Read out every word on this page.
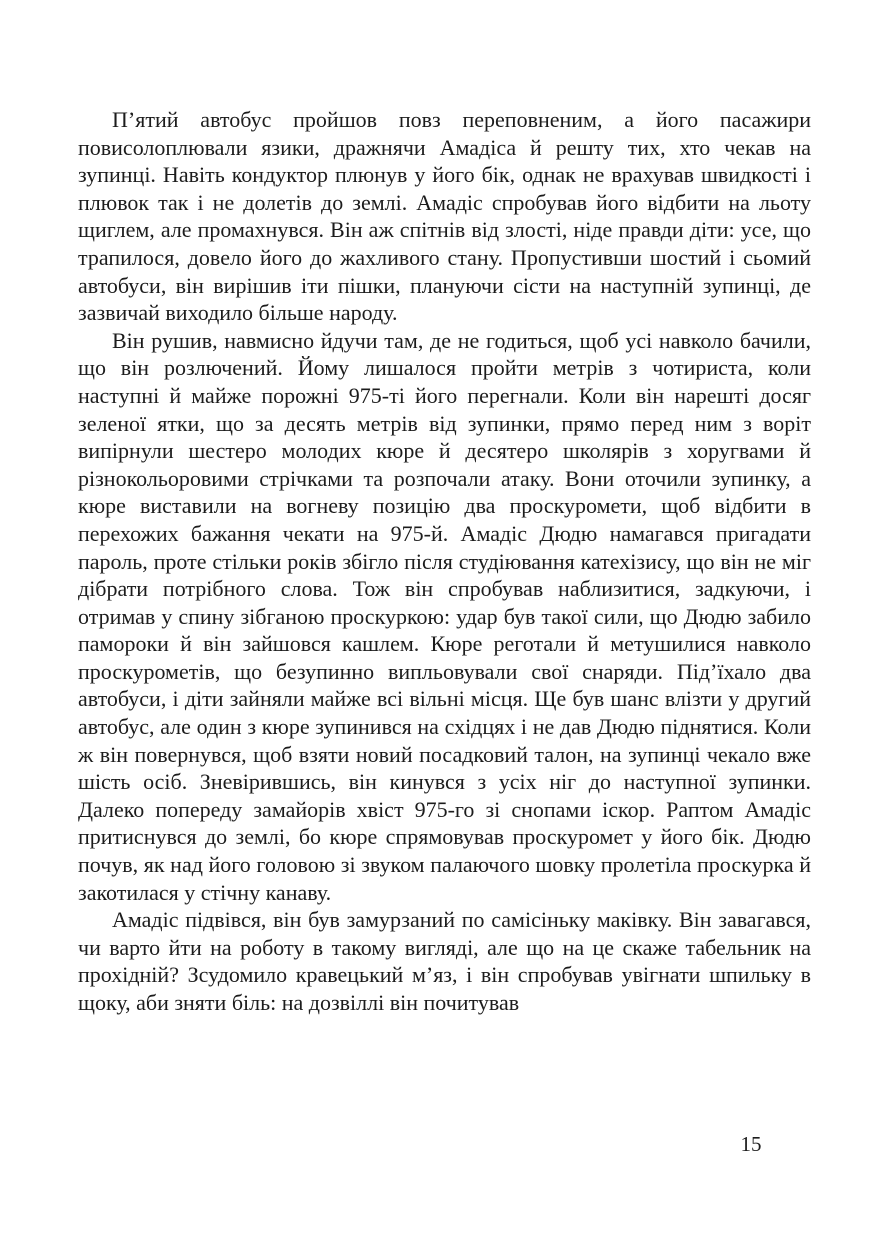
П’ятий автобус пройшов повз переповненим, а його пасажири повисолоплювали язики, дражнячи Амадіса й решту тих, хто чекав на зупинці. Навіть кондуктор плюнув у його бік, однак не врахував швидкості і плювок так і не долетів до землі. Амадіс спробував його відбити на льоту щиглем, але промахнувся. Він аж спітнів від злості, ніде правди діти: усе, що трапилося, довело його до жахливого стану. Пропустивши шостий і сьомий автобуси, він вирішив іти пішки, плануючи сісти на наступній зупинці, де зазвичай виходило більше народу.

Він рушив, навмисно йдучи там, де не годиться, щоб усі навколо бачили, що він розлючений. Йому лишалося пройти метрів з чотириста, коли наступні й майже порожні 975-ті його перегнали. Коли він нарешті досяг зеленої ятки, що за десять метрів від зупинки, прямо перед ним з воріт випірнули шестеро молодих кюре й десятеро школярів з хоругвами й різнокольоровими стрічками та розпочали атаку. Вони оточили зупинку, а кюре виставили на вогневу позицію два проскуромети, щоб відбити в перехожих бажання чекати на 975-й. Амадіс Дюдю намагався пригадати пароль, проте стільки років збігло після студіювання катехізису, що він не міг дібрати потрібного слова. Тож він спробував наблизитися, задкуючи, і отримав у спину зібганою проскуркою: удар був такої сили, що Дюдю забило памороки й він зайшовся кашлем. Кюре реготали й метушилися навколо проскурометів, що безупинно випльовували свої снаряди. Під’їхало два автобуси, і діти зайняли майже всі вільні місця. Ще був шанс влізти у другий автобус, але один з кюре зупинився на східцях і не дав Дюдю піднятися. Коли ж він повернувся, щоб взяти новий посадковий талон, на зупинці чекало вже шість осіб. Зневірившись, він кинувся з усіх ніг до наступної зупинки. Далеко попереду замайорів хвіст 975-го зі снопами іскор. Раптом Амадіс притиснувся до землі, бо кюре спрямовував проскуромет у його бік. Дюдю почув, як над його головою зі звуком палаючого шовку пролетіла проскурка й закотилася у стічну канаву.

Амадіс підвівся, він був замурзаний по самісіньку маківку. Він завагався, чи варто йти на роботу в такому вигляді, але що на це скаже табельник на прохідній? Зсудомило кравецький м’яз, і він спробував увігнати шпильку в щоку, аби зняти біль: на дозвіллі він почитував

15
